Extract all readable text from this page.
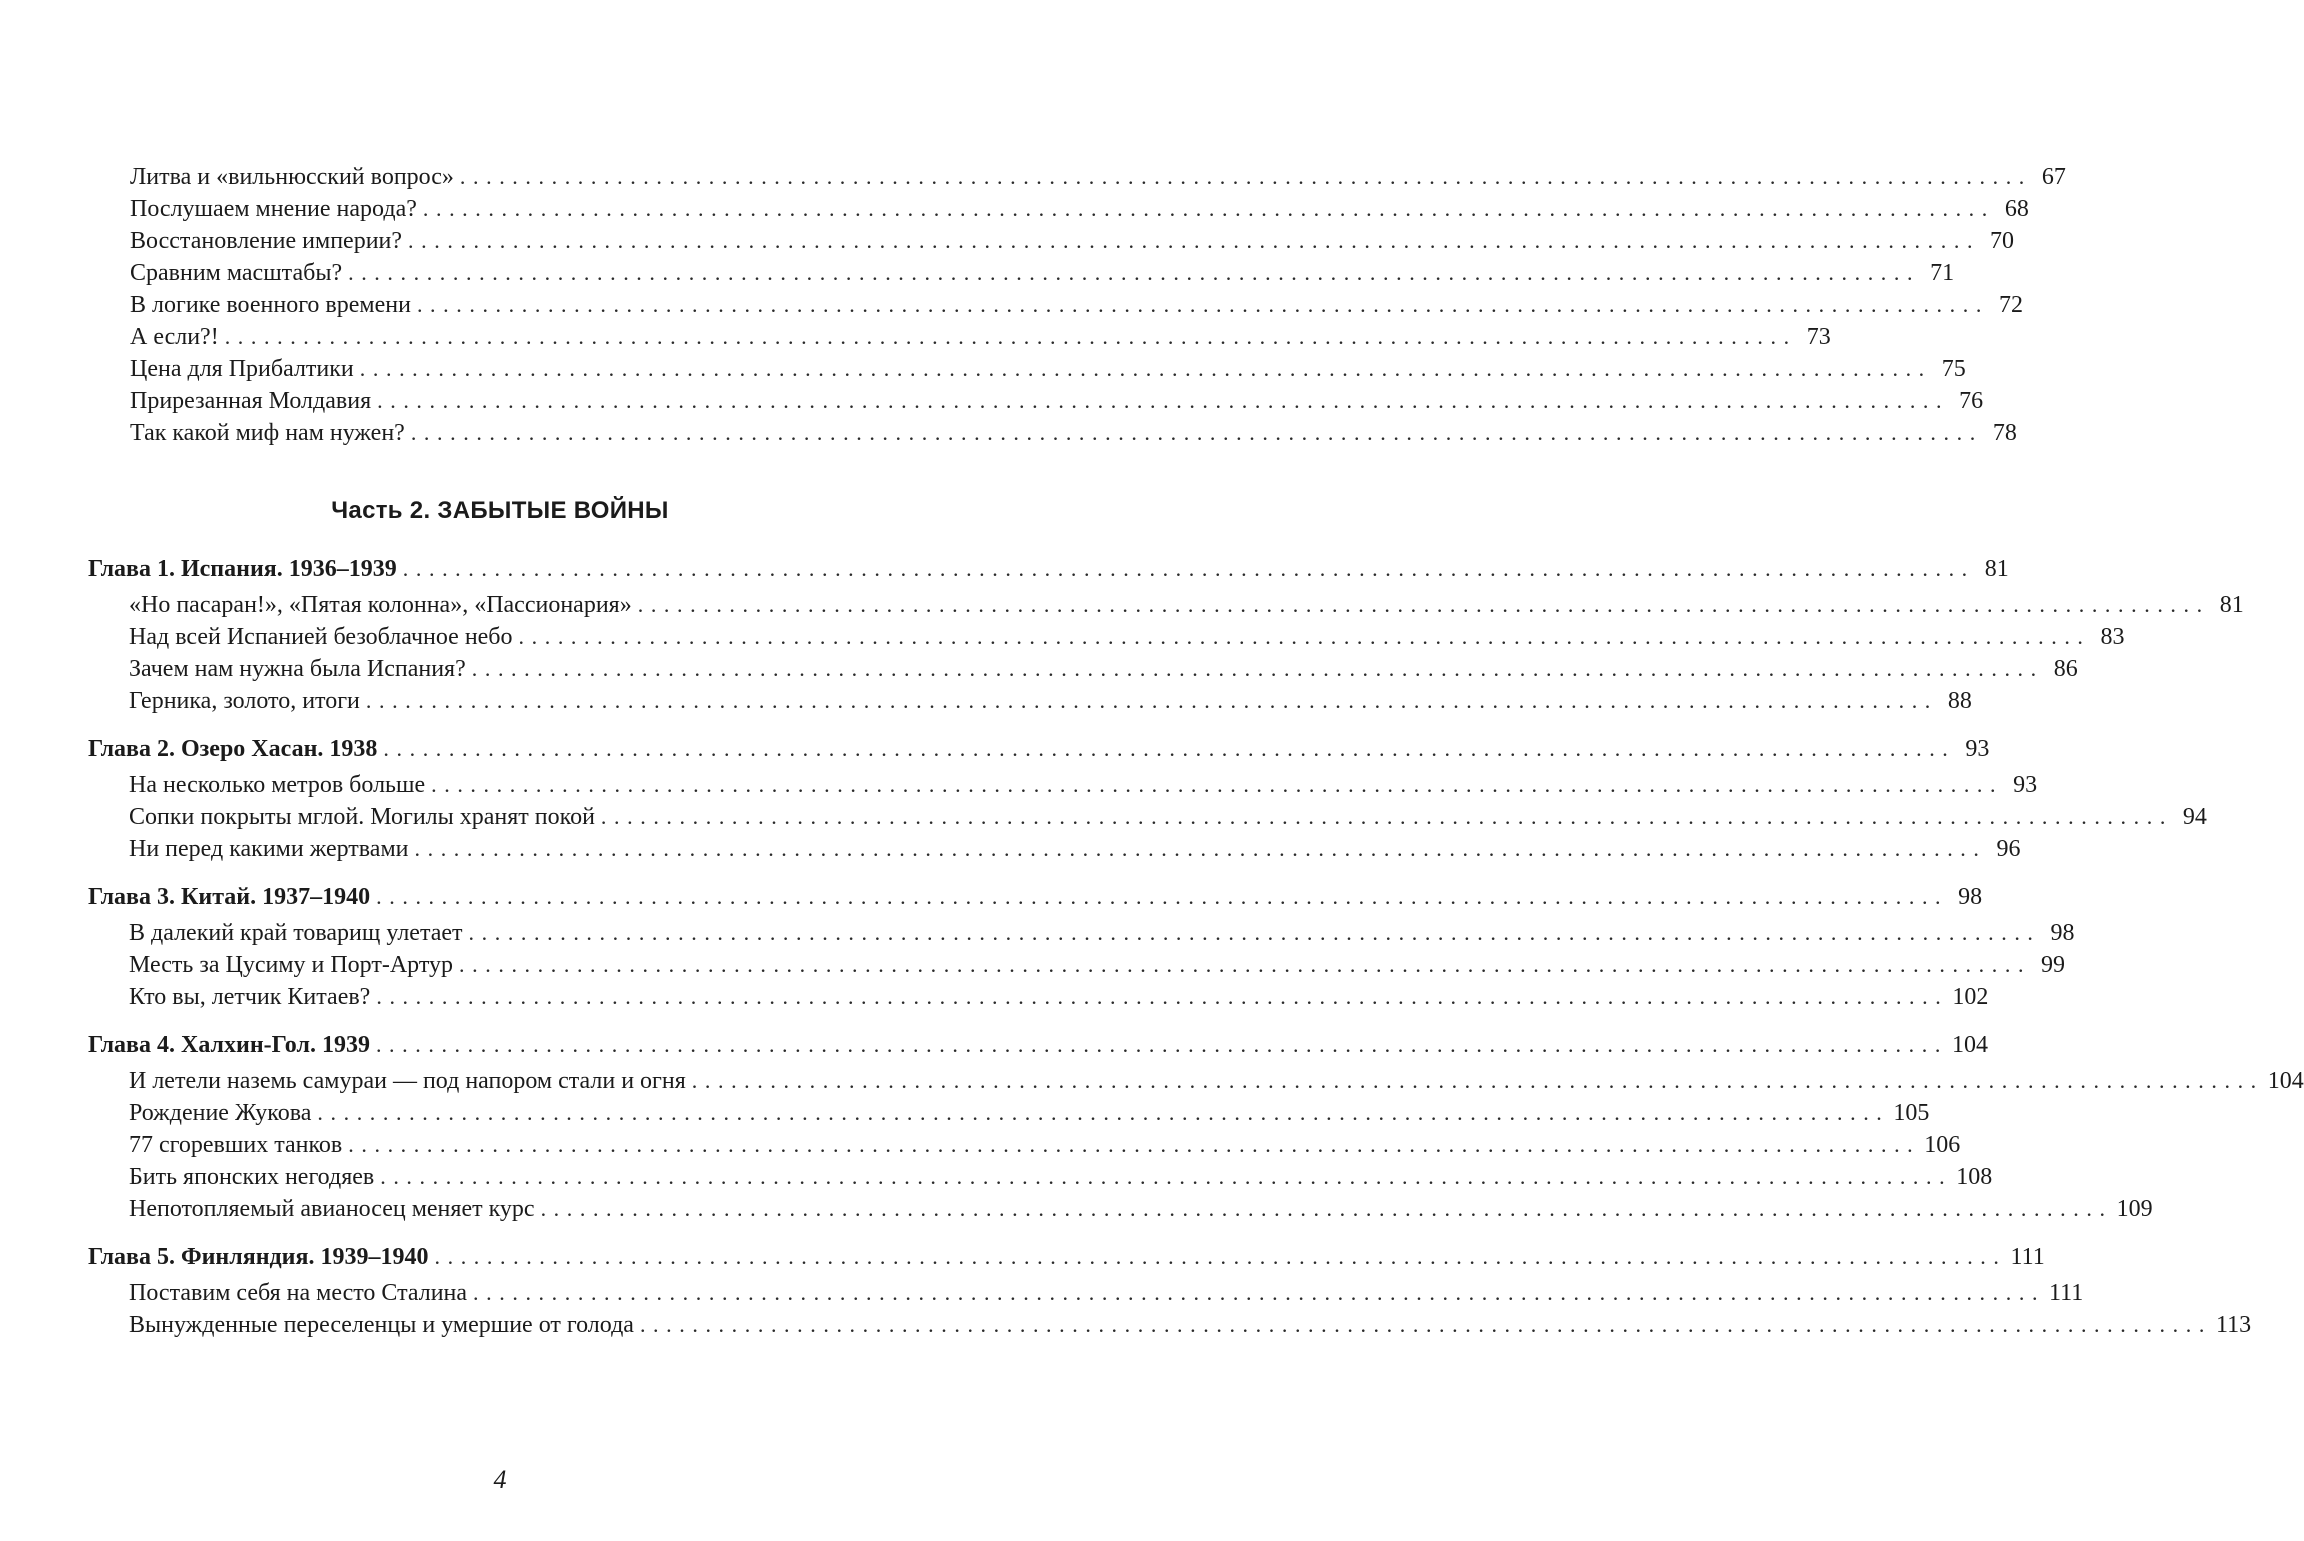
Литва и «вильнюсский вопрос» ........................................................................................................................ 67
Послушаем мнение народа? ........................................................................................................................ 68
Восстановление империи? ........................................................................................................................ 70
Сравним масштабы? ........................................................................................................................ 71
В логике военного времени ........................................................................................................................ 72
А если?! ........................................................................................................................ 73
Цена для Прибалтики ........................................................................................................................ 75
Прирезанная Молдавия ........................................................................................................................ 76
Так какой миф нам нужен? ........................................................................................................................ 78
Часть 2. ЗАБЫТЫЕ ВОЙНЫ
Глава 1. Испания. 1936–1939 ........................................................................................................................ 81
«Но пасаран!», «Пятая колонна», «Пассионария» ........................................................................................................................ 81
Над всей Испанией безоблачное небо ........................................................................................................................ 83
Зачем нам нужна была Испания? ........................................................................................................................ 86
Герника, золото, итоги ........................................................................................................................ 88
Глава 2. Озеро Хасан. 1938 ........................................................................................................................ 93
На несколько метров больше ........................................................................................................................ 93
Сопки покрыты мглой. Могилы хранят покой ........................................................................................................................ 94
Ни перед какими жертвами ........................................................................................................................ 96
Глава 3. Китай. 1937–1940 ........................................................................................................................ 98
В далекий край товарищ улетает ........................................................................................................................ 98
Месть за Цусиму и Порт-Артур ........................................................................................................................ 99
Кто вы, летчик Китаев? ........................................................................................................................ 102
Глава 4. Халхин-Гол. 1939 ........................................................................................................................ 104
И летели наземь самураи — под напором стали и огня ........................................................................................................................ 104
Рождение Жукова ........................................................................................................................ 105
77 сгоревших танков ........................................................................................................................ 106
Бить японских негодяев ........................................................................................................................ 108
Непотопляемый авианосец меняет курс ........................................................................................................................ 109
Глава 5. Финляндия. 1939–1940 ........................................................................................................................ 111
Поставим себя на место Сталина ........................................................................................................................ 111
Вынужденные переселенцы и умершие от голода ........................................................................................................................ 113
4
